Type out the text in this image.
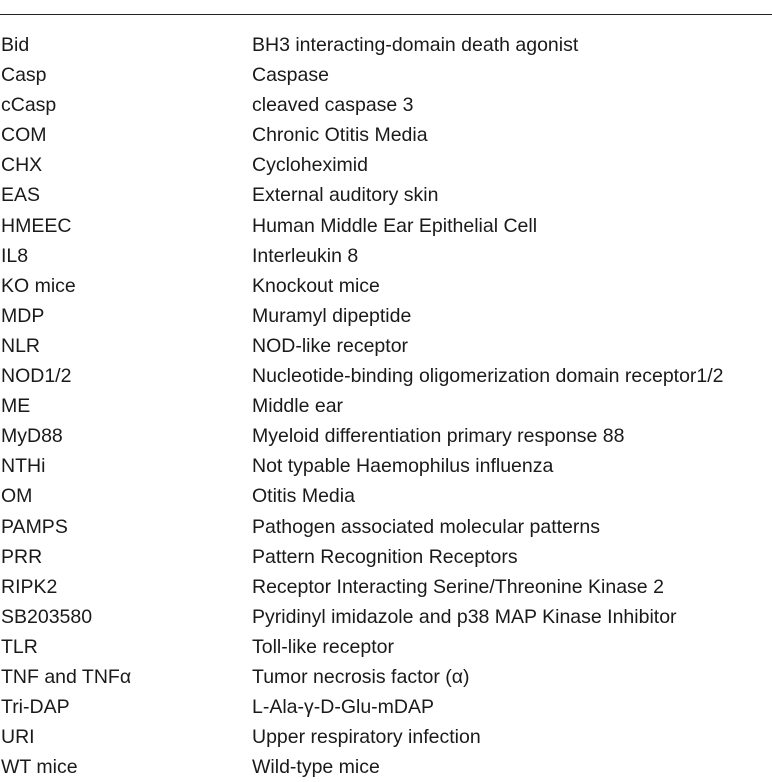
Bid	BH3 interacting-domain death agonist
Casp	Caspase
cCasp	cleaved caspase 3
COM	Chronic Otitis Media
CHX	Cycloheximid
EAS	External auditory skin
HMEEC	Human Middle Ear Epithelial Cell
IL8	Interleukin 8
KO mice	Knockout mice
MDP	Muramyl dipeptide
NLR	NOD-like receptor
NOD1/2	Nucleotide-binding oligomerization domain receptor1/2
ME	Middle ear
MyD88	Myeloid differentiation primary response 88
NTHi	Not typable Haemophilus influenza
OM	Otitis Media
PAMPS	Pathogen associated molecular patterns
PRR	Pattern Recognition Receptors
RIPK2	Receptor Interacting Serine/Threonine Kinase 2
SB203580	Pyridinyl imidazole and p38 MAP Kinase Inhibitor
TLR	Toll-like receptor
TNF and TNFα	Tumor necrosis factor (α)
Tri-DAP	L-Ala-γ-D-Glu-mDAP
URI	Upper respiratory infection
WT mice	Wild-type mice
